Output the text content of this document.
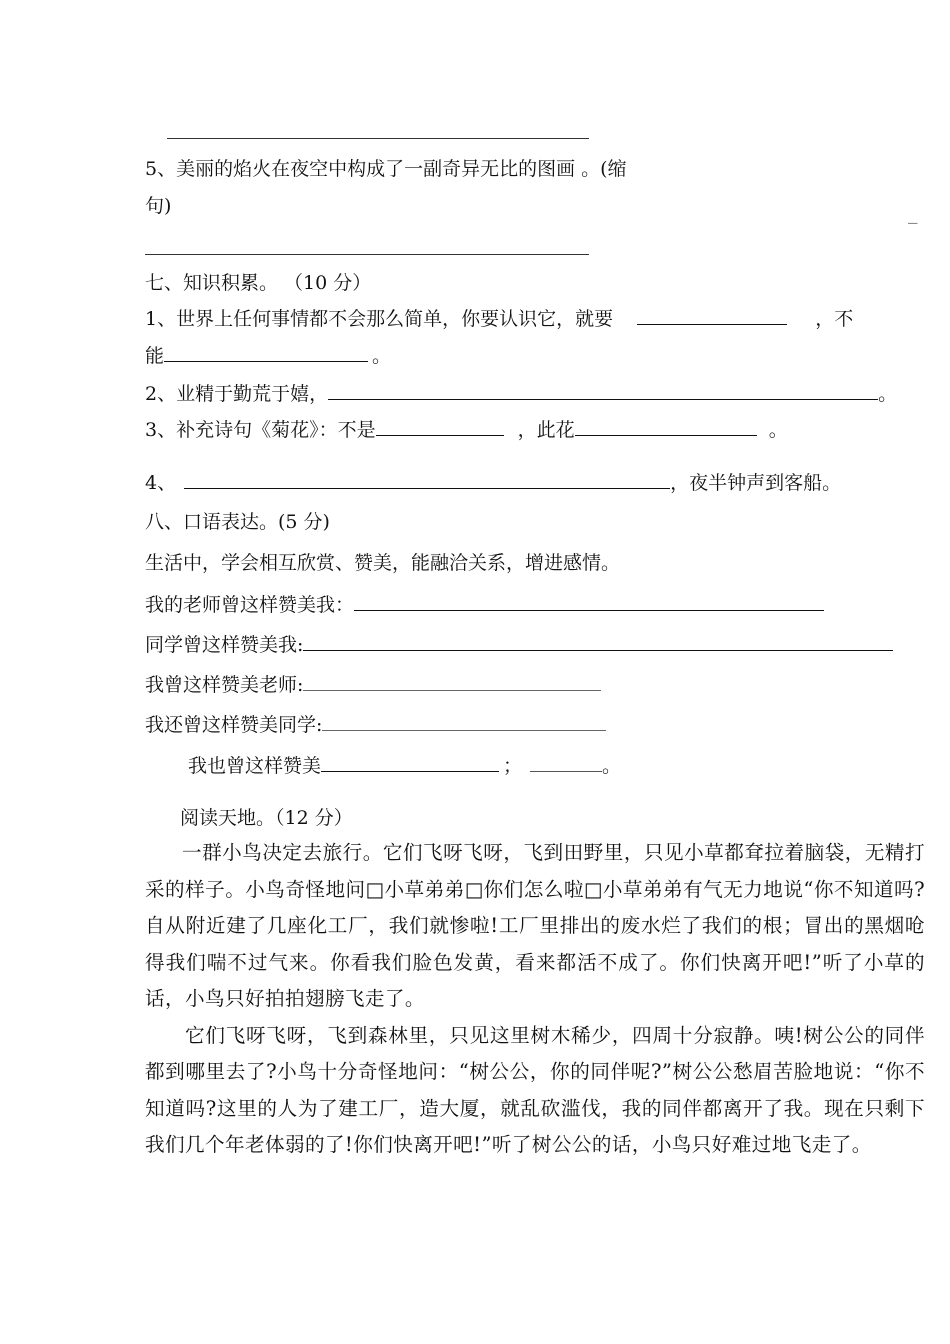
5、美丽的焰火在夜空中构成了一副奇异无比的图画 。(缩
句)	_
七、知识积累。 （10 分）
1、世界上任何事情都不会那么简单，你要认识它，就要	，不
能	。
2、业精于勤荒于嬉，	。
3、补充诗句《菊花》：不是	，此花	。
4、	，夜半钟声到客船。
八、口语表达。(5 分)
生活中，学会相互欣赏、赞美，能融洽关系，增进感情。
我的老师曾这样赞美我：
同学曾这样赞美我:
我曾这样赞美老师:
我还曾这样赞美同学:
我也曾这样赞美	；	。
阅读天地。（12 分）

一群小鸟决定去旅行。它们飞呀飞呀，飞到田野里，只见小草都耷拉着脑袋，无精打采的样子。小鸟奇怪地问□小草弟弟□你们怎么啦□小草弟弟有气无力地说“你不知道吗?自从附近建了几座化工厂，我们就惨啦!工厂里排出的废水烂了我们的根；冒出的黑烟呛得我们喘不过气来。你看我们脸色发黄，看来都活不成了。你们快离开吧!”听了小草的话，小鸟只好拍拍翅膀飞走了。

它们飞呀飞呀，飞到森林里，只见这里树木稀少，四周十分寂静。咦!树公公的同伴都到哪里去了?小鸟十分奇怪地问：“树公公，你的同伴呢?”树公公愁眉苦脸地说：“你不知道吗?这里的人为了建工厂，造大厦，就乱砍滥伐，我的同伴都离开了我。现在只剩下我们几个年老体弱的了!你们快离开吧!”听了树公公的话，小鸟只好难过地飞走了。
